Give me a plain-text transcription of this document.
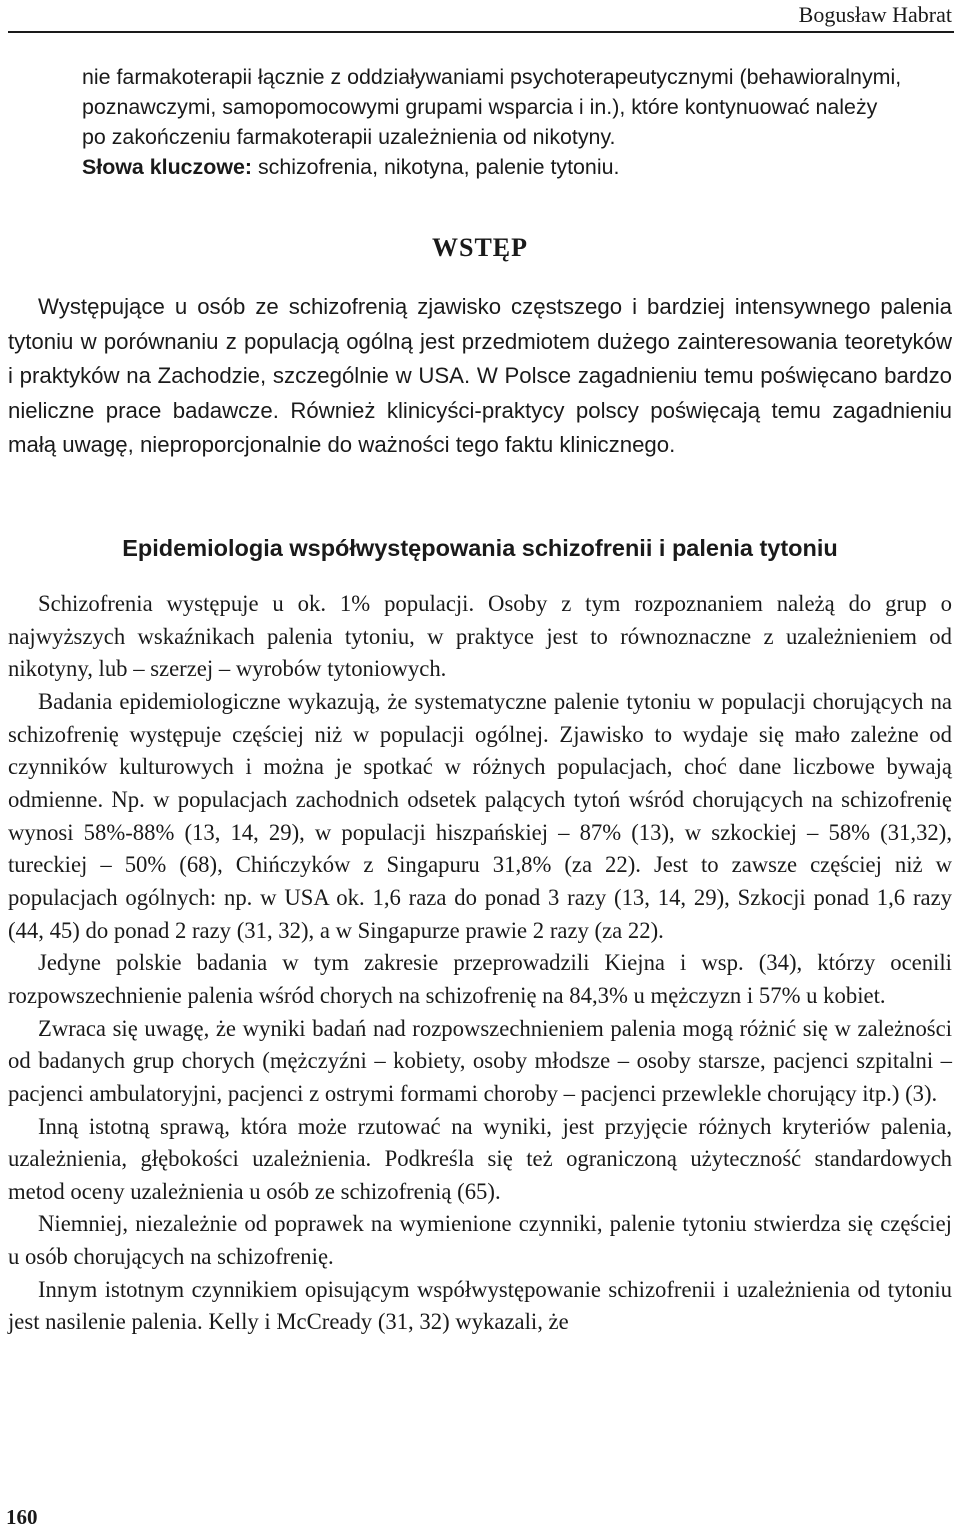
Bogusław Habrat

nie farmakoterapii łącznie z oddziaływaniami psychoterapeutycznymi (behawioralnymi, poznawczymi, samopomocowymi grupami wsparcia i in.), które kontynuować należy po zakończeniu farmakoterapii uzależnienia od nikotyny.

Słowa kluczowe: schizofrenia, nikotyna, palenie tytoniu.

WSTĘP

Występujące u osób ze schizofrenią zjawisko częstszego i bardziej intensywnego palenia tytoniu w porównaniu z populacją ogólną jest przedmiotem dużego zainteresowania teoretyków i praktyków na Zachodzie, szczególnie w USA. W Polsce zagadnieniu temu poświęcano bardzo nieliczne prace badawcze. Również klinicyści-praktycy polscy poświęcają temu zagadnieniu małą uwagę, nieproporcjonalnie do ważności tego faktu klinicznego.

Epidemiologia współwystępowania schizofrenii i palenia tytoniu

Schizofrenia występuje u ok. 1% populacji. Osoby z tym rozpoznaniem należą do grup o najwyższych wskaźnikach palenia tytoniu, w praktyce jest to równoznaczne z uzależnieniem od nikotyny, lub – szerzej – wyrobów tytoniowych.

Badania epidemiologiczne wykazują, że systematyczne palenie tytoniu w populacji chorujących na schizofrenię występuje częściej niż w populacji ogólnej. Zjawisko to wydaje się mało zależne od czynników kulturowych i można je spotkać w różnych populacjach, choć dane liczbowe bywają odmienne. Np. w populacjach zachodnich odsetek palących tytoń wśród chorujących na schizofrenię wynosi 58%-88% (13, 14, 29), w populacji hiszpańskiej – 87% (13), w szkockiej – 58% (31,32), tureckiej – 50% (68), Chińczyków z Singapuru 31,8% (za 22). Jest to zawsze częściej niż w populacjach ogólnych: np. w USA ok. 1,6 raza do ponad 3 razy (13, 14, 29), Szkocji ponad 1,6 razy (44, 45) do ponad 2 razy (31, 32), a w Singapurze prawie 2 razy (za 22).

Jedyne polskie badania w tym zakresie przeprowadzili Kiejna i wsp. (34), którzy ocenili rozpowszechnienie palenia wśród chorych na schizofrenię na 84,3% u mężczyzn i 57% u kobiet.

Zwraca się uwagę, że wyniki badań nad rozpowszechnieniem palenia mogą różnić się w zależności od badanych grup chorych (mężczyźni – kobiety, osoby młodsze – osoby starsze, pacjenci szpitalni – pacjenci ambulatoryjni, pacjenci z ostrymi formami choroby – pacjenci przewlekle chorujący itp.) (3).

Inną istotną sprawą, która może rzutować na wyniki, jest przyjęcie różnych kryteriów palenia, uzależnienia, głębokości uzależnienia. Podkreśla się też ograniczoną użyteczność standardowych metod oceny uzależnienia u osób ze schizofrenią (65).

Niemniej, niezależnie od poprawek na wymienione czynniki, palenie tytoniu stwierdza się częściej u osób chorujących na schizofrenię.

Innym istotnym czynnikiem opisującym współwystępowanie schizofrenii i uzależnienia od tytoniu jest nasilenie palenia. Kelly i McCready (31, 32) wykazali, że

160
